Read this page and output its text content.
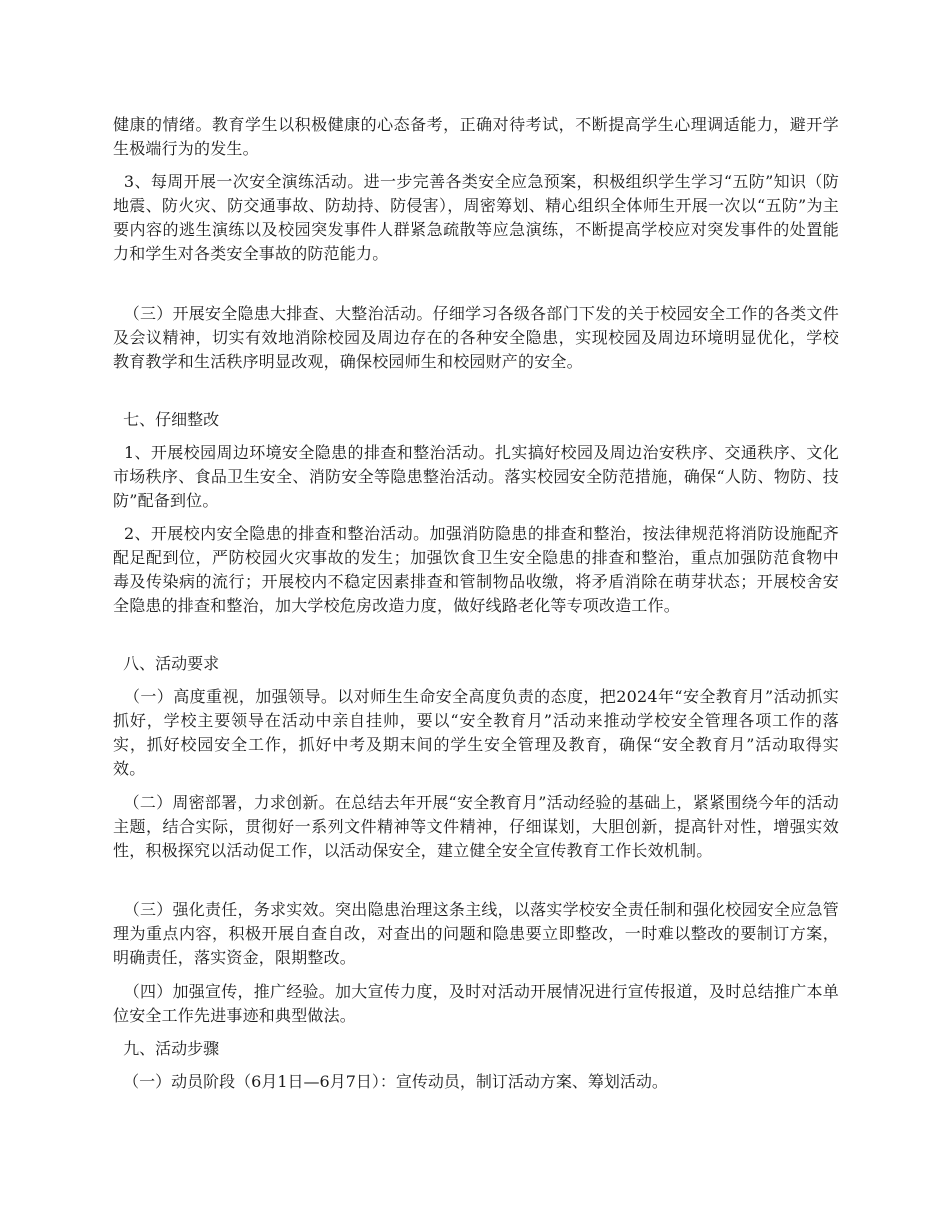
健康的情绪。教育学生以积极健康的心态备考，正确对待考试，不断提高学生心理调适能力，避开学生极端行为的发生。

3、每周开展一次安全演练活动。进一步完善各类安全应急预案，积极组织学生学习“五防”知识（防地震、防火灾、防交通事故、防劫持、防侵害），周密筹划、精心组织全体师生开展一次以“五防”为主要内容的逃生演练以及校园突发事件人群紧急疏散等应急演练，不断提高学校应对突发事件的处置能力和学生对各类安全事故的防范能力。

（三）开展安全隐患大排查、大整治活动。仔细学习各级各部门下发的关于校园安全工作的各类文件及会议精神，切实有效地消除校园及周边存在的各种安全隐患，实现校园及周边环境明显优化，学校教育教学和生活秩序明显改观，确保校园师生和校园财产的安全。

七、仔细整改

1、开展校园周边环境安全隐患的排查和整治活动。扎实搞好校园及周边治安秩序、交通秩序、文化市场秩序、食品卫生安全、消防安全等隐患整治活动。落实校园安全防范措施，确保“人防、物防、技防”配备到位。

2、开展校内安全隐患的排查和整治活动。加强消防隐患的排查和整治，按法律规范将消防设施配齐配足配到位，严防校园火灾事故的发生；加强饮食卫生安全隐患的排查和整治，重点加强防范食物中毒及传染病的流行；开展校内不稳定因素排查和管制物品收缴，将矛盾消除在萌芽状态；开展校舍安全隐患的排查和整治，加大学校危房改造力度，做好线路老化等专项改造工作。

八、活动要求

（一）高度重视，加强领导。以对师生生命安全高度负责的态度，把2024年“安全教育月”活动抓实抓好，学校主要领导在活动中亲自挂帅，要以“安全教育月”活动来推动学校安全管理各项工作的落实，抓好校园安全工作，抓好中考及期末间的学生安全管理及教育，确保“安全教育月”活动取得实效。

（二）周密部署，力求创新。在总结去年开展“安全教育月”活动经验的基础上，紧紧围绕今年的活动主题，结合实际，贯彻好一系列文件精神等文件精神，仔细谋划，大胆创新，提高针对性，增强实效性，积极探究以活动促工作，以活动保安全，建立健全安全宣传教育工作长效机制。

（三）强化责任，务求实效。突出隐患治理这条主线，以落实学校安全责任制和强化校园安全应急管理为重点内容，积极开展自查自改，对查出的问题和隐患要立即整改，一时难以整改的要制订方案，明确责任，落实资金，限期整改。

（四）加强宣传，推广经验。加大宣传力度，及时对活动开展情况进行宣传报道，及时总结推广本单位安全工作先进事迹和典型做法。

九、活动步骤

（一）动员阶段（6月1日—6月7日）：宣传动员，制订活动方案、筹划活动。
